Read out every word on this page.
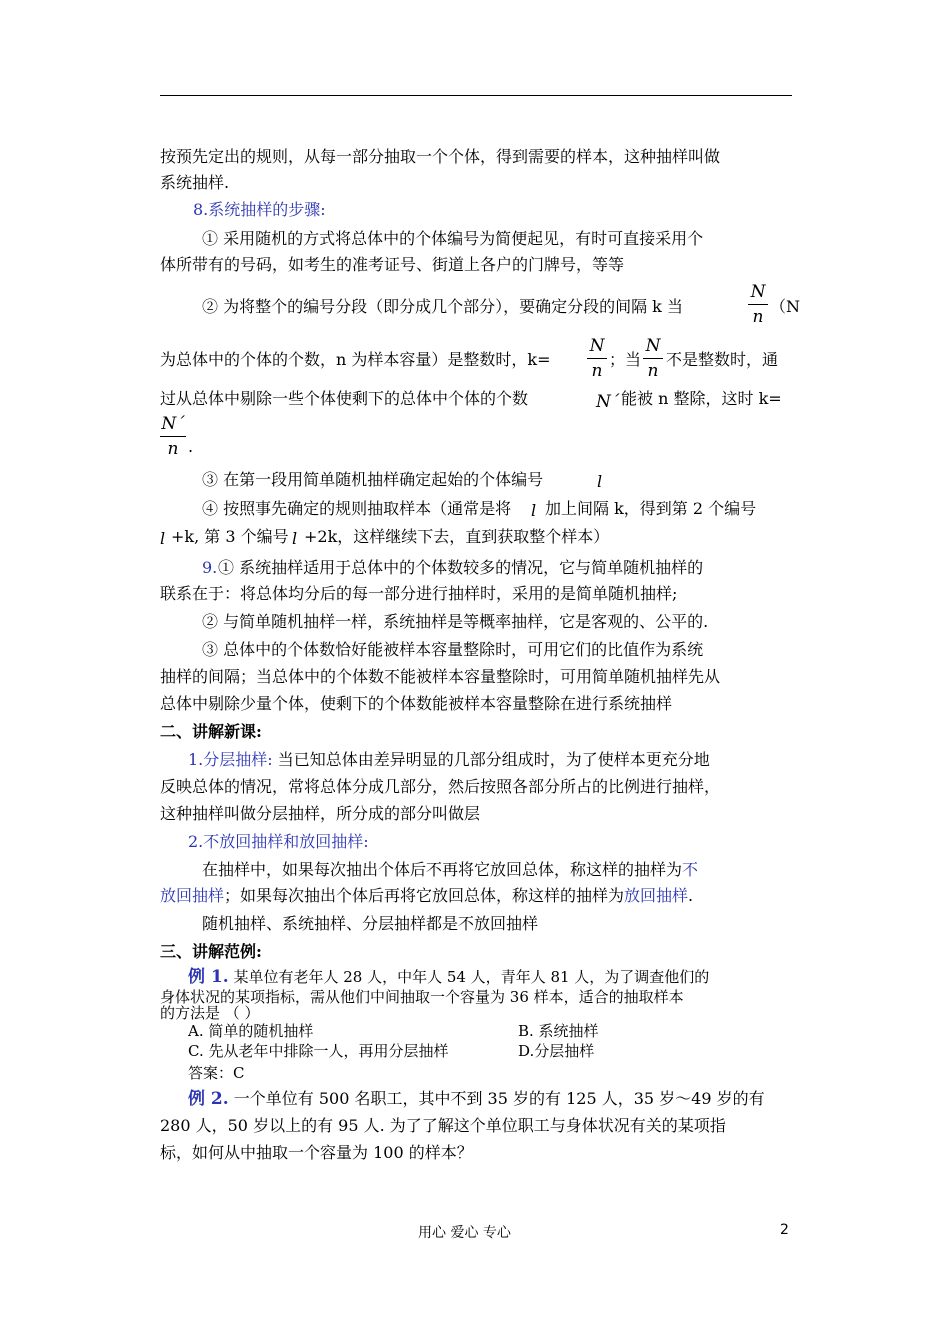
按预先定出的规则，从每一部分抽取一个个体，得到需要的样本，这种抽样叫做
系统抽样.
8.系统抽样的步骤:
① 采用随机的方式将总体中的个体编号为简便起见，有时可直接采用个
体所带有的号码，如考生的准考证号、街道上各户的门牌号，等等
② 为将整个的编号分段（即分成几个部分），要确定分段的间隔 k 当
N
n
（N
为总体中的个体的个数，n 为样本容量）是整数时，k=
N
n
；当
N
n
不是整数时，通
过从总体中剔除一些个体使剩下的总体中个体的个数	N´ 能被 n 整除，这时 k=
N´
n .
③ 在第一段用简单随机抽样确定起始的个体编号	l
④ 按照事先确定的规则抽取样本（通常是将 l 加上间隔 k，得到第 2 个编号
l +k, 第 3 个编号 l +2k，这样继续下去，直到获取整个样本）
9. ① 系统抽样适用于总体中的个体数较多的情况，它与简单随机抽样的
联系在于：将总体均分后的每一部分进行抽样时，采用的是简单随机抽样;
② 与简单随机抽样一样，系统抽样是等概率抽样，它是客观的、公平的.
③ 总体中的个体数恰好能被样本容量整除时，可用它们的比值作为系统
抽样的间隔；当总体中的个体数不能被样本容量整除时，可用简单随机抽样先从
总体中剔除少量个体，使剩下的个体数能被样本容量整除在进行系统抽样
二、讲解新课:
1.分层抽样: 当已知总体由差异明显的几部分组成时，为了使样本更充分地
反映总体的情况，常将总体分成几部分，然后按照各部分所占的比例进行抽样，
这种抽样叫做分层抽样，所分成的部分叫做层
2.不放回抽样和放回抽样:
在抽样中，如果每次抽出个体后不再将它放回总体，称这样的抽样为不
放回抽样；如果每次抽出个体后再将它放回总体，称这样的抽样为放回抽样.
随机抽样、系统抽样、分层抽样都是不放回抽样
三、讲解范例:
例 1. 某单位有老年人 28 人，中年人 54 人，青年人 81 人，为了调查他们的
身体状况的某项指标，需从他们中间抽取一个容量为 36 样本，适合的抽取样本
的方法是 （ ）
A. 简单的随机抽样	B. 系统抽样
C. 先从老年中排除一人，再用分层抽样	D.分层抽样
答案：C
例 2. 一个单位有 500 名职工，其中不到 35 岁的有 125 人，35 岁～49 岁的有
280 人，50 岁以上的有 95 人. 为了了解这个单位职工与身体状况有关的某项指
标，如何从中抽取一个容量为 100 的样本？
用心 爱心 专心	2
